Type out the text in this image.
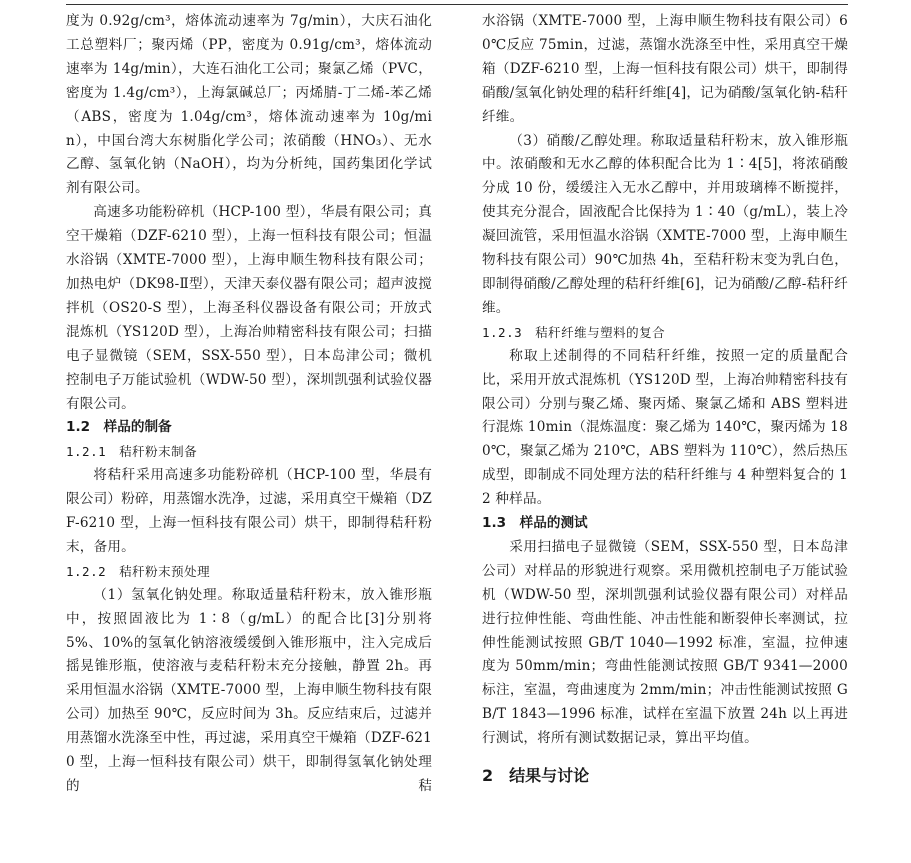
度为 0.92g/cm³，熔体流动速率为 7g/min），大庆石油化工总塑料厂；聚丙烯（PP，密度为 0.91g/cm³，熔体流动速率为 14g/min），大连石油化工公司；聚氯乙烯（PVC，密度为 1.4g/cm³），上海氯碱总厂；丙烯腈-丁二烯-苯乙烯（ABS，密度为 1.04g/cm³，熔体流动速率为 10g/min），中国台湾大东树脂化学公司；浓硝酸（HNO₃）、无水乙醇、氢氧化钠（NaOH），均为分析纯，国药集团化学试剂有限公司。

高速多功能粉碎机（HCP-100 型），华晨有限公司；真空干燥箱（DZF-6210 型），上海一恒科技有限公司；恒温水浴锅（XMTE-7000 型），上海申顺生物科技有限公司；加热电炉（DK98-Ⅱ型），天津天泰仪器有限公司；超声波搅拌机（OS20-S 型），上海圣科仪器设备有限公司；开放式混炼机（YS120D 型），上海冶帅精密科技有限公司；扫描电子显微镜（SEM，SSX-550 型），日本岛津公司；微机控制电子万能试验机（WDW-50 型），深圳凯强利试验仪器有限公司。

1.2　样品的制备

1.2.1　秸秆粉末制备

将秸秆采用高速多功能粉碎机（HCP-100 型，华晨有限公司）粉碎，用蒸馏水洗净，过滤，采用真空干燥箱（DZF-6210 型，上海一恒科技有限公司）烘干，即制得秸秆粉末，备用。

1.2.2　秸秆粉末预处理

（1）氢氧化钠处理。称取适量秸秆粉末，放入锥形瓶中，按照固液比为 1∶8（g/mL）的配合比[3]分别将 5%、10%的氢氧化钠溶液缓缓倒入锥形瓶中，注入完成后摇晃锥形瓶，使溶液与麦秸秆粉末充分接触，静置 2h。再采用恒温水浴锅（XMTE-7000 型，上海申顺生物科技有限公司）加热至 90℃，反应时间为 3h。反应结束后，过滤并用蒸馏水洗涤至中性，再过滤，采用真空干燥箱（DZF-6210 型，上海一恒科技有限公司）烘干，即制得氢氧化钠处理的秸

水浴锅（XMTE-7000 型，上海申顺生物科技有限公司）60℃反应 75min，过滤，蒸馏水洗涤至中性，采用真空干燥箱（DZF-6210 型，上海一恒科技有限公司）烘干，即制得硝酸/氢氧化钠处理的秸秆纤维[4]，记为硝酸/氢氧化钠-秸秆纤维。

（3）硝酸/乙醇处理。称取适量秸秆粉末，放入锥形瓶中。浓硝酸和无水乙醇的体积配合比为 1∶4[5]，将浓硝酸分成 10 份，缓缓注入无水乙醇中，并用玻璃棒不断搅拌，使其充分混合，固液配合比保持为 1∶40（g/mL），装上冷凝回流管，采用恒温水浴锅（XMTE-7000 型，上海申顺生物科技有限公司）90℃加热 4h，至秸秆粉末变为乳白色，即制得硝酸/乙醇处理的秸秆纤维[6]，记为硝酸/乙醇-秸秆纤维。

1.2.3　秸秆纤维与塑料的复合

称取上述制得的不同秸秆纤维，按照一定的质量配合比，采用开放式混炼机（YS120D 型，上海冶帅精密科技有限公司）分别与聚乙烯、聚丙烯、聚氯乙烯和 ABS 塑料进行混炼 10min（混炼温度：聚乙烯为 140℃，聚丙烯为 180℃，聚氯乙烯为 210℃，ABS 塑料为 110℃），然后热压成型，即制成不同处理方法的秸秆纤维与 4 种塑料复合的 12 种样品。

1.3　样品的测试

采用扫描电子显微镜（SEM，SSX-550 型，日本岛津公司）对样品的形貌进行观察。采用微机控制电子万能试验机（WDW-50 型，深圳凯强利试验仪器有限公司）对样品进行拉伸性能、弯曲性能、冲击性能和断裂伸长率测试，拉伸性能测试按照 GB/T 1040—1992 标准，室温，拉伸速度为 50mm/min；弯曲性能测试按照 GB/T 9341—2000 标注，室温，弯曲速度为 2mm/min；冲击性能测试按照 GB/T 1843—1996 标准，试样在室温下放置 24h 以上再进行测试，将所有测试数据记录，算出平均值。

2　结果与讨论
